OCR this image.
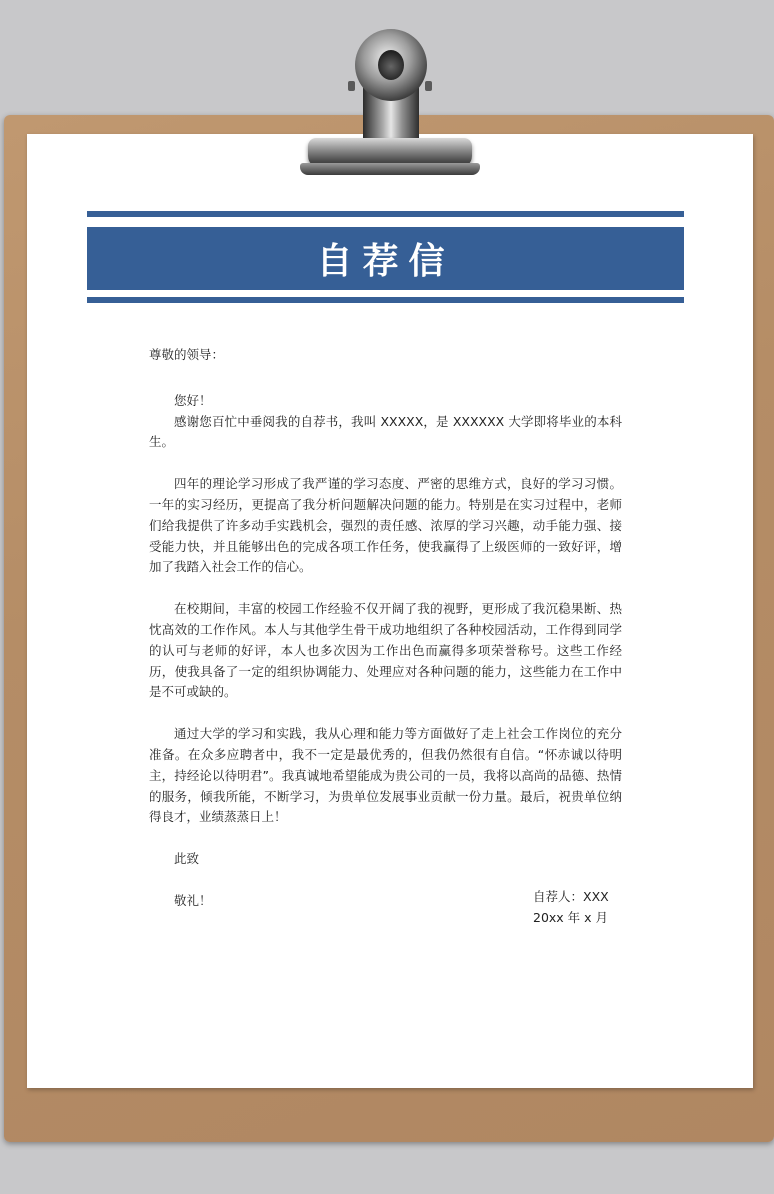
自荐信

尊敬的领导：

您好！

感谢您百忙中垂阅我的自荐书，我叫 XXXXX，是 XXXXXX 大学即将毕业的本科生。

四年的理论学习形成了我严谨的学习态度、严密的思维方式，良好的学习习惯。一年的实习经历，更提高了我分析问题解决问题的能力。特别是在实习过程中，老师们给我提供了许多动手实践机会，强烈的责任感、浓厚的学习兴趣，动手能力强、接受能力快，并且能够出色的完成各项工作任务，使我赢得了上级医师的一致好评，增加了我踏入社会工作的信心。

在校期间，丰富的校园工作经验不仅开阔了我的视野，更形成了我沉稳果断、热忱高效的工作作风。本人与其他学生骨干成功地组织了各种校园活动，工作得到同学的认可与老师的好评，本人也多次因为工作出色而赢得多项荣誉称号。这些工作经历，使我具备了一定的组织协调能力、处理应对各种问题的能力，这些能力在工作中是不可或缺的。

通过大学的学习和实践，我从心理和能力等方面做好了走上社会工作岗位的充分准备。在众多应聘者中，我不一定是最优秀的，但我仍然很有自信。“怀赤诚以待明主，持经论以待明君”。我真诚地希望能成为贵公司的一员，我将以高尚的品德、热情的服务，倾我所能，不断学习，为贵单位发展事业贡献一份力量。最后，祝贵单位纳得良才，业绩蒸蒸日上！

此致

敬礼！	自荐人：XXX
20xx 年 x 月
